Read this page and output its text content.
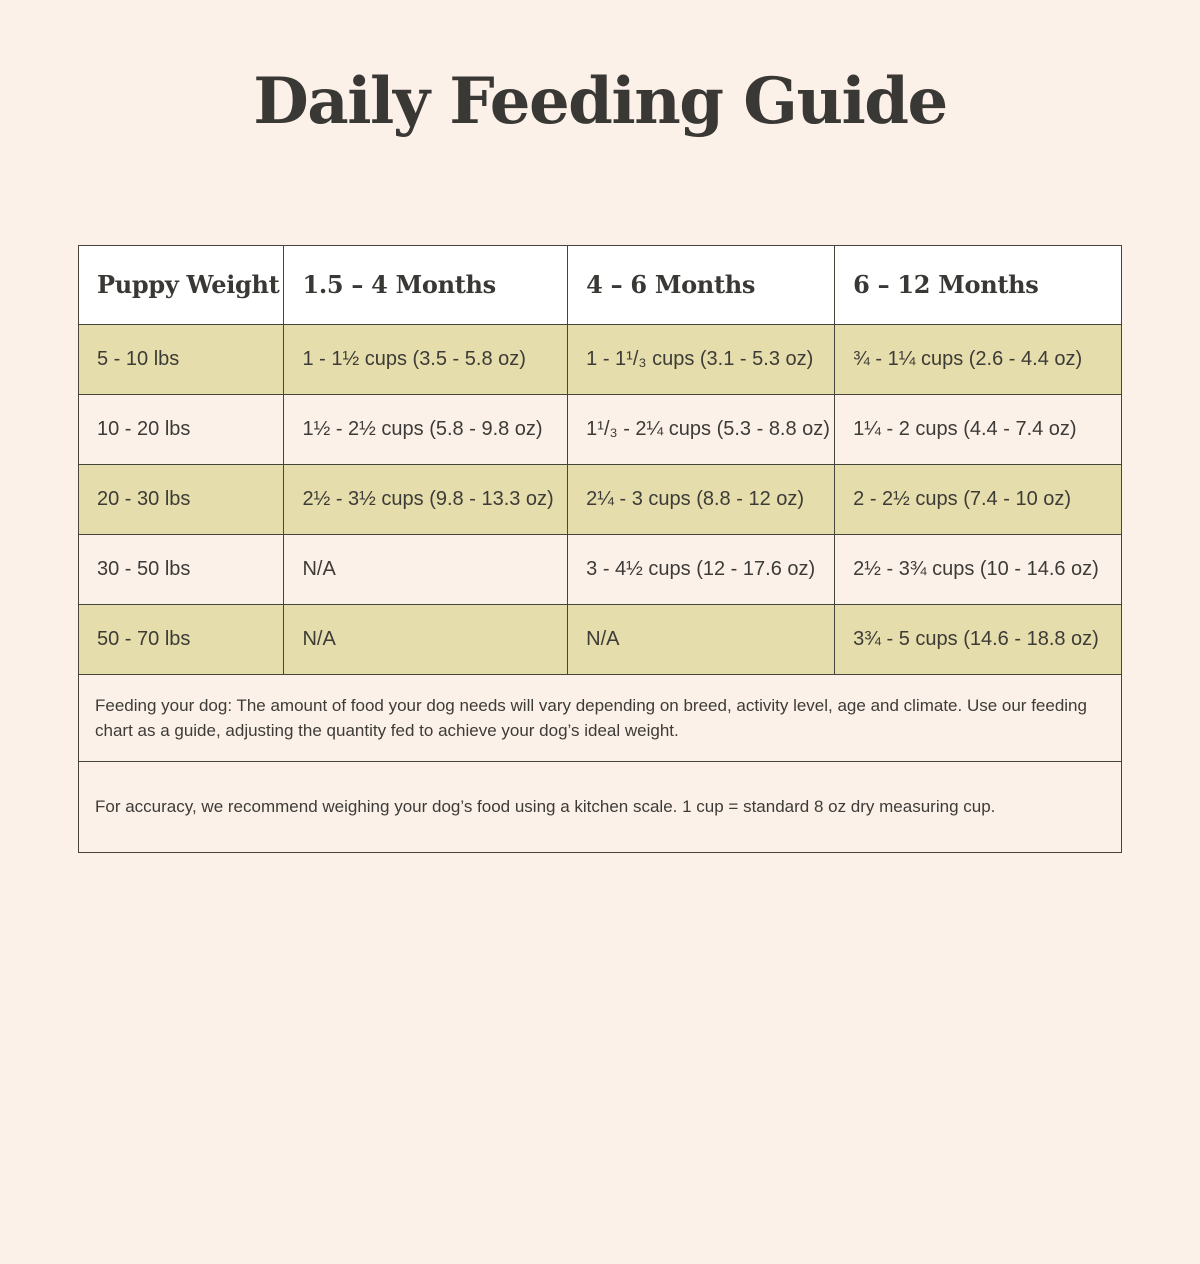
Daily Feeding Guide
Puppy Weight	1.5 – 4 Months	4 – 6 Months	6 – 12 Months
5 - 10 lbs	1 - 1½ cups (3.5 - 5.8 oz)	1 - 1¹/₃ cups (3.1 - 5.3 oz)	¾ - 1¼ cups (2.6 - 4.4 oz)
10 - 20 lbs	1½ - 2½ cups (5.8 - 9.8 oz)	1¹/₃ - 2¼ cups (5.3 - 8.8 oz)	1¼ - 2 cups (4.4 - 7.4 oz)
20 - 30 lbs	2½ - 3½ cups (9.8 - 13.3 oz)	2¼ - 3 cups (8.8 - 12 oz)	2 - 2½ cups (7.4 - 10 oz)
30 - 50 lbs	N/A	3 - 4½ cups (12 - 17.6 oz)	2½ - 3¾ cups (10 - 14.6 oz)
50 - 70 lbs	N/A	N/A	3¾ - 5 cups (14.6 - 18.8 oz)
Feeding your dog: The amount of food your dog needs will vary depending on breed, activity level, age and climate. Use our feeding chart as a guide, adjusting the quantity fed to achieve your dog’s ideal weight.			
For accuracy, we recommend weighing your dog’s food using a kitchen scale. 1 cup = standard 8 oz dry measuring cup.			
